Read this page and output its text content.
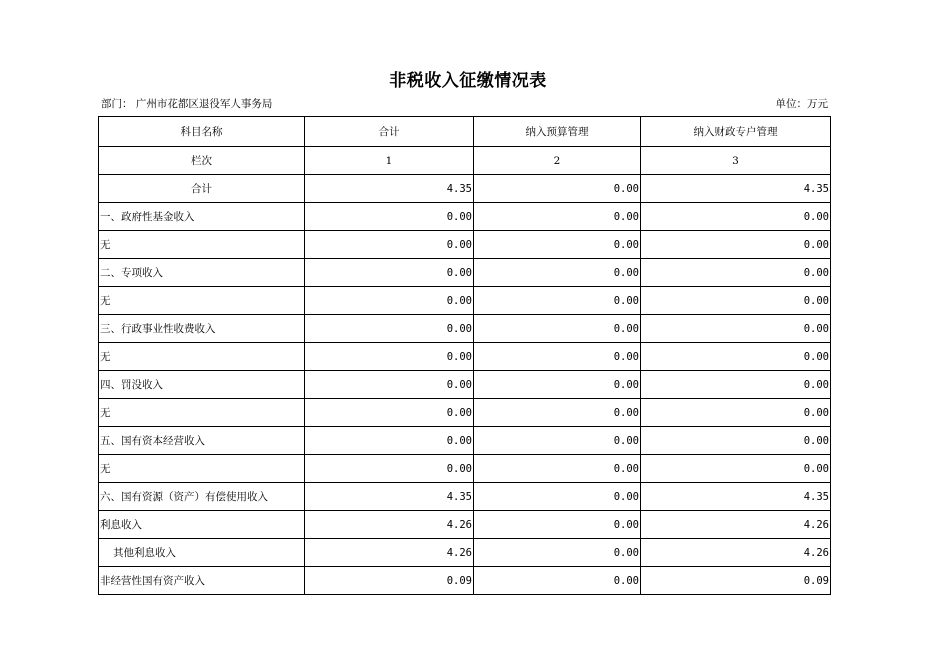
非税收入征缴情况表
部门： 广州市花都区退役军人事务局	单位：万元
科目名称	合计	纳入预算管理	纳入财政专户管理
栏次	1	2	3
合计	4.35	0.00	4.35
一、政府性基金收入	0.00	0.00	0.00
无	0.00	0.00	0.00
二、专项收入	0.00	0.00	0.00
无	0.00	0.00	0.00
三、行政事业性收费收入	0.00	0.00	0.00
无	0.00	0.00	0.00
四、罚没收入	0.00	0.00	0.00
无	0.00	0.00	0.00
五、国有资本经营收入	0.00	0.00	0.00
无	0.00	0.00	0.00
六、国有资源（资产）有偿使用收入	4.35	0.00	4.35
利息收入	4.26	0.00	4.26
其他利息收入	4.26	0.00	4.26
非经营性国有资产收入	0.09	0.00	0.09
